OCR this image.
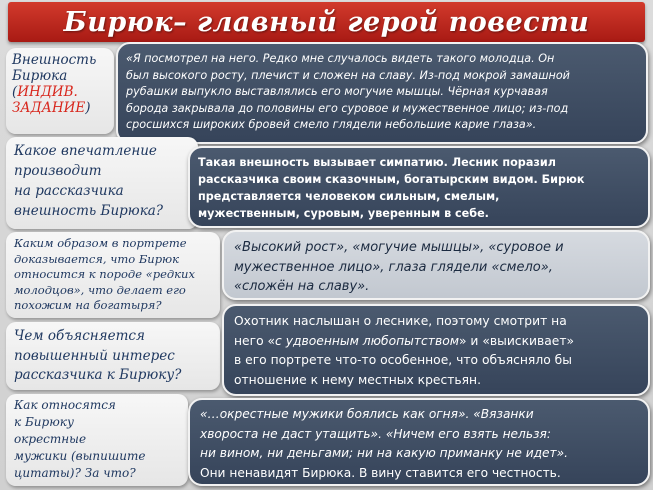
Бирюк– главный герой повести
Внешность
Бирюка
(ИНДИВ.
ЗАДАНИЕ)
«Я посмотрел на него. Редко мне случалось видеть такого молодца. Он
был высокого росту, плечист и сложен на славу. Из-под мокрой замашной
рубашки выпукло выставлялись его могучие мышцы. Чёрная курчавая
борода закрывала до половины его суровое и мужественное лицо; из-под
сросшихся широких бровей смело глядели небольшие карие глаза».
Какое впечатление
производит
на рассказчика
внешность Бирюка?
Такая внешность вызывает симпатию. Лесник поразил
рассказчика своим сказочным, богатырским видом. Бирюк
представляется человеком сильным, смелым,
мужественным, суровым, уверенным в себе.
Каким образом в портрете
доказывается, что Бирюк
относится к породе «редких
молодцов», что делает его
похожим на богатыря?
«Высокий рост», «могучие мышцы», «суровое и
мужественное лицо», глаза глядели «смело»,
«сложён на славу».
Чем объясняется
повышенный интерес
рассказчика к Бирюку?
Охотник наслышан о леснике, поэтому смотрит на
него «с удвоенным любопытством» и «выискивает»
в его портрете что-то особенное, что объясняло бы
отношение к нему местных крестьян.
Как относятся
к Бирюку
окрестные
мужики (выпишите
цитаты)? За что?
«…окрестные мужики боялись как огня». «Вязанки
хвороста не даст утащить». «Ничем его взять нельзя:
ни вином, ни деньгами; ни на какую приманку не идет».
Они ненавидят Бирюка. В вину ставится его честность.
